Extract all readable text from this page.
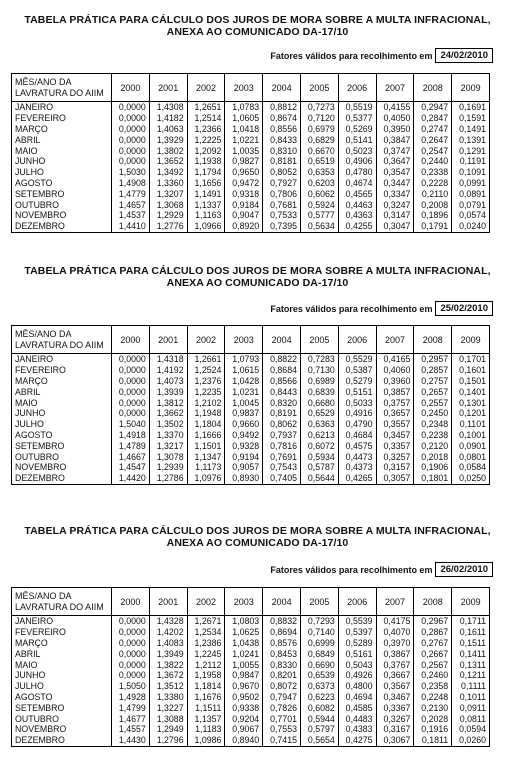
TABELA PRÁTICA PARA CÁLCULO DOS JUROS DE MORA SOBRE A MULTA INFRACIONAL,
ANEXA AO COMUNICADO DA-17/10
Fatores válidos para recolhimento em 24/02/2010
MÊS/ANO DA
LAVRATURA DO AIIM	2000	2001	2002	2003	2004	2005	2006	2007	2008	2009
JANEIRO	0,0000	1,4308	1,2651	1,0783	0,8812	0,7273	0,5519	0,4155	0,2947	0,1691
FEVEREIRO	0,0000	1,4182	1,2514	1,0605	0,8674	0,7120	0,5377	0,4050	0,2847	0,1591
MARÇO	0,0000	1,4063	1,2366	1,0418	0,8556	0,6979	0,5269	0,3950	0,2747	0,1491
ABRIL	0,0000	1,3929	1,2225	1,0221	0,8433	0,6829	0,5141	0,3847	0,2647	0,1391
MAIO	0,0000	1,3802	1,2092	1,0035	0,8310	0,6670	0,5023	0,3747	0,2547	0,1291
JUNHO	0,0000	1,3652	1,1938	0,9827	0,8181	0,6519	0,4906	0,3647	0,2440	0,1191
JULHO	1,5030	1,3492	1,1794	0,9650	0,8052	0,6353	0,4780	0,3547	0,2338	0,1091
AGOSTO	1,4908	1,3360	1,1656	0,9472	0,7927	0,6203	0,4674	0,3447	0,2228	0,0991
SETEMBRO	1,4779	1,3207	1,1491	0,9318	0,7806	0,6062	0,4565	0,3347	0,2110	0,0891
OUTUBRO	1,4657	1,3068	1,1337	0,9184	0,7681	0,5924	0,4463	0,3247	0,2008	0,0791
NOVEMBRO	1,4537	1,2929	1,1163	0,9047	0,7533	0,5777	0,4363	0,3147	0,1896	0,0574
DEZEMBRO	1,4410	1,2776	1,0966	0,8920	0,7395	0,5634	0,4255	0,3047	0,1791	0,0240
TABELA PRÁTICA PARA CÁLCULO DOS JUROS DE MORA SOBRE A MULTA INFRACIONAL,
ANEXA AO COMUNICADO DA-17/10
Fatores válidos para recolhimento em 25/02/2010
MÊS/ANO DA
LAVRATURA DO AIIM	2000	2001	2002	2003	2004	2005	2006	2007	2008	2009
JANEIRO	0,0000	1,4318	1,2661	1,0793	0,8822	0,7283	0,5529	0,4165	0,2957	0,1701
FEVEREIRO	0,0000	1,4192	1,2524	1,0615	0,8684	0,7130	0,5387	0,4060	0,2857	0,1601
MARÇO	0,0000	1,4073	1,2376	1,0428	0,8566	0,6989	0,5279	0,3960	0,2757	0,1501
ABRIL	0,0000	1,3939	1,2235	1,0231	0,8443	0,6839	0,5151	0,3857	0,2657	0,1401
MAIO	0,0000	1,3812	1,2102	1,0045	0,8320	0,6680	0,5033	0,3757	0,2557	0,1301
JUNHO	0,0000	1,3662	1,1948	0,9837	0,8191	0,6529	0,4916	0,3657	0,2450	0,1201
JULHO	1,5040	1,3502	1,1804	0,9660	0,8062	0,6363	0,4790	0,3557	0,2348	0,1101
AGOSTO	1,4918	1,3370	1,1666	0,9492	0,7937	0,6213	0,4684	0,3457	0,2238	0,1001
SETEMBRO	1,4789	1,3217	1,1501	0,9328	0,7816	0,6072	0,4575	0,3357	0,2120	0,0901
OUTUBRO	1,4667	1,3078	1,1347	0,9194	0,7691	0,5934	0,4473	0,3257	0,2018	0,0801
NOVEMBRO	1,4547	1,2939	1,1173	0,9057	0,7543	0,5787	0,4373	0,3157	0,1906	0,0584
DEZEMBRO	1,4420	1,2786	1,0976	0,8930	0,7405	0,5644	0,4265	0,3057	0,1801	0,0250
TABELA PRÁTICA PARA CÁLCULO DOS JUROS DE MORA SOBRE A MULTA INFRACIONAL,
ANEXA AO COMUNICADO DA-17/10
Fatores válidos para recolhimento em 26/02/2010
MÊS/ANO DA
LAVRATURA DO AIIM	2000	2001	2002	2003	2004	2005	2006	2007	2008	2009
JANEIRO	0,0000	1,4328	1,2671	1,0803	0,8832	0,7293	0,5539	0,4175	0,2967	0,1711
FEVEREIRO	0,0000	1,4202	1,2534	1,0625	0,8694	0,7140	0,5397	0,4070	0,2867	0,1611
MARÇO	0,0000	1,4083	1,2386	1,0438	0,8576	0,6999	0,5289	0,3970	0,2767	0,1511
ABRIL	0,0000	1,3949	1,2245	1,0241	0,8453	0,6849	0,5161	0,3867	0,2667	0,1411
MAIO	0,0000	1,3822	1,2112	1,0055	0,8330	0,6690	0,5043	0,3767	0,2567	0,1311
JUNHO	0,0000	1,3672	1,1958	0,9847	0,8201	0,6539	0,4926	0,3667	0,2460	0,1211
JULHO	1,5050	1,3512	1,1814	0,9670	0,8072	0,6373	0,4800	0,3567	0,2358	0,1111
AGOSTO	1,4928	1,3380	1,1676	0,9502	0,7947	0,6223	0,4694	0,3467	0,2248	0,1011
SETEMBRO	1,4799	1,3227	1,1511	0,9338	0,7826	0,6082	0,4585	0,3367	0,2130	0,0911
OUTUBRO	1,4677	1,3088	1,1357	0,9204	0,7701	0,5944	0,4483	0,3267	0,2028	0,0811
NOVEMBRO	1,4557	1,2949	1,1183	0,9067	0,7553	0,5797	0,4383	0,3167	0,1916	0,0594
DEZEMBRO	1,4430	1,2796	1,0986	0,8940	0,7415	0,5654	0,4275	0,3067	0,1811	0,0260
